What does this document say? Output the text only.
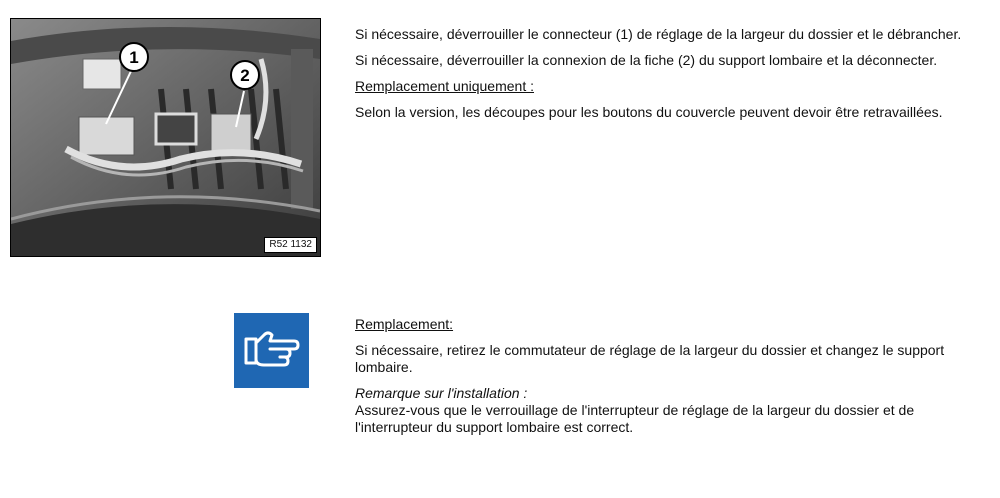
1
2
R52 1132

Si nécessaire, déverrouiller le connecteur (1) de réglage de la largeur du dossier et le débrancher.

Si nécessaire, déverrouiller la connexion de la fiche (2) du support lombaire et la déconnecter.

Remplacement uniquement :

Selon la version, les découpes pour les boutons du couvercle peuvent devoir être retravaillées.

Remplacement:

Si nécessaire, retirez le commutateur de réglage de la largeur du dossier et changez le support lombaire.

Remarque sur l'installation :

Assurez-vous que le verrouillage de l'interrupteur de réglage de la largeur du dossier et de l'interrupteur du support lombaire est correct.
